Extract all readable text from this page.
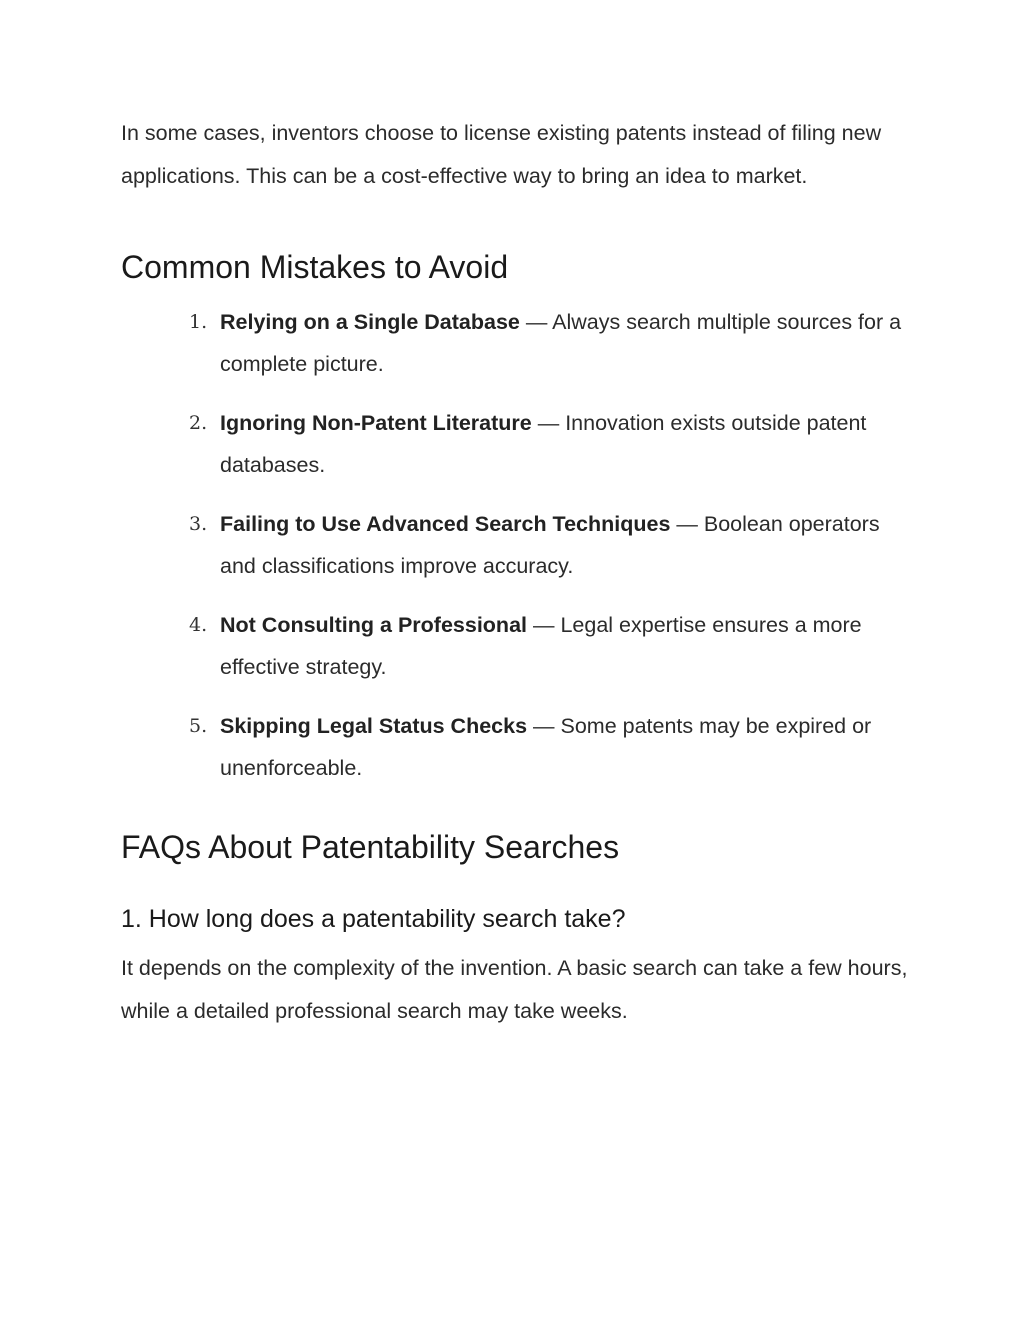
In some cases, inventors choose to license existing patents instead of filing new applications. This can be a cost-effective way to bring an idea to market.

Common Mistakes to Avoid
1. Relying on a Single Database — Always search multiple sources for a complete picture.
2. Ignoring Non-Patent Literature — Innovation exists outside patent databases.
3. Failing to Use Advanced Search Techniques — Boolean operators and classifications improve accuracy.
4. Not Consulting a Professional — Legal expertise ensures a more effective strategy.
5. Skipping Legal Status Checks — Some patents may be expired or unenforceable.
FAQs About Patentability Searches
1. How long does a patentability search take?

It depends on the complexity of the invention. A basic search can take a few hours, while a detailed professional search may take weeks.
